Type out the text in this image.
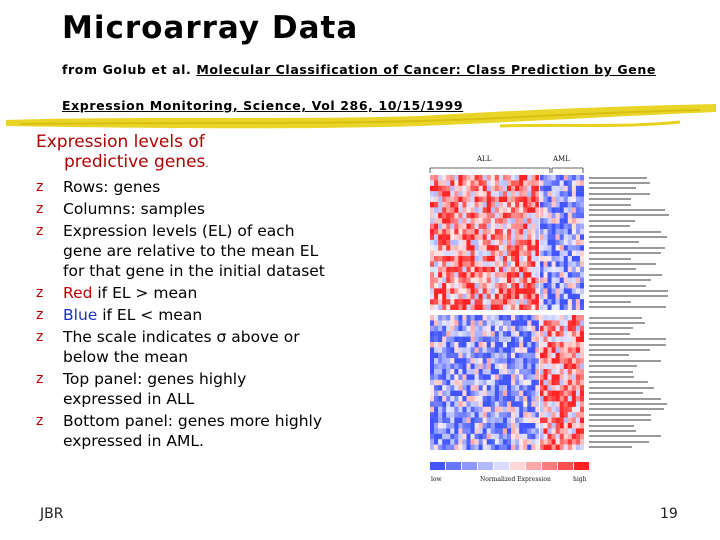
Microarray Data
from Golub et al. Molecular Classification of Cancer: Class Prediction by Gene Expression Monitoring, Science, Vol 286, 10/15/1999
Expression levels of
predictive genes.
z Rows: genes
z Columns: samples
z Expression levels (EL) of each gene are relative to the mean EL for that gene in the initial dataset
z Red if EL > mean
z Blue if EL < mean
z The scale indicates σ above or below the mean
z Top panel: genes highly expressed in ALL
z Bottom panel: genes more highly expressed in AML.
ALL	AML
low	Normalized Expression	high
JBR	19
